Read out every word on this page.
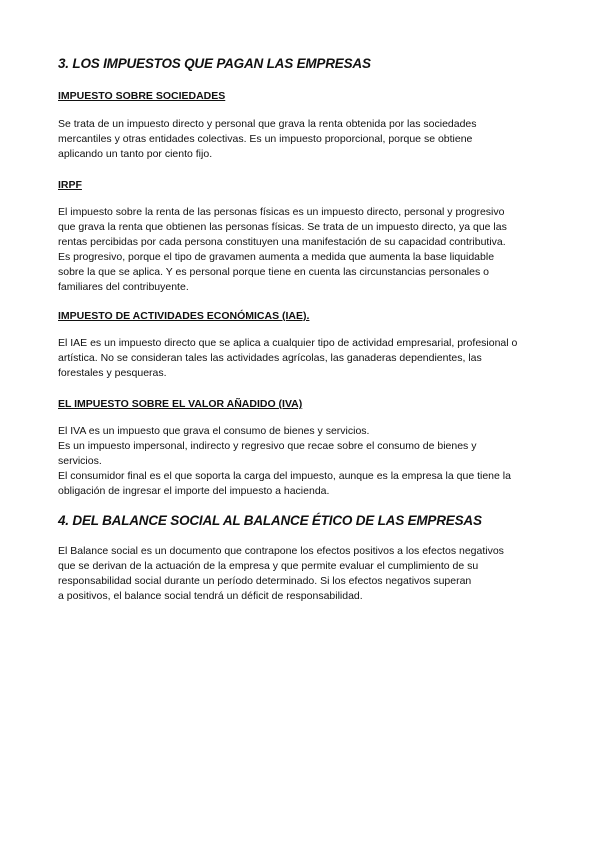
3. LOS IMPUESTOS QUE PAGAN LAS EMPRESAS
IMPUESTO SOBRE SOCIEDADES

Se trata de un impuesto directo y personal que grava la renta obtenida por las sociedades
mercantiles y otras entidades colectivas. Es un impuesto proporcional, porque se obtiene
aplicando un tanto por ciento fijo.

IRPF

El impuesto sobre la renta de las personas físicas es un impuesto directo, personal y progresivo
que grava la renta que obtienen las personas físicas. Se trata de un impuesto directo, ya que las
rentas percibidas por cada persona constituyen una manifestación de su capacidad contributiva.
Es progresivo, porque el tipo de gravamen aumenta a medida que aumenta la base liquidable
sobre la que se aplica. Y es personal porque tiene en cuenta las circunstancias personales o
familiares del contribuyente.

IMPUESTO DE ACTIVIDADES ECONÓMICAS (IAE).

El IAE es un impuesto directo que se aplica a cualquier tipo de actividad empresarial, profesional o
artística. No se consideran tales las actividades agrícolas, las ganaderas dependientes, las
forestales y pesqueras.

EL IMPUESTO SOBRE EL VALOR AÑADIDO (IVA)

El IVA es un impuesto que grava el consumo de bienes y servicios.
Es un impuesto impersonal, indirecto y regresivo que recae sobre el consumo de bienes y
servicios.
El consumidor final es el que soporta la carga del impuesto, aunque es la empresa la que tiene la
obligación de ingresar el importe del impuesto a hacienda.

4. DEL BALANCE SOCIAL AL BALANCE ÉTICO DE LAS EMPRESAS

El Balance social es un documento que contrapone los efectos positivos a los efectos negativos
que se derivan de la actuación de la empresa y que permite evaluar el cumplimiento de su
responsabilidad social durante un período determinado. Si los efectos negativos superan
a positivos, el balance social tendrá un déficit de responsabilidad.
